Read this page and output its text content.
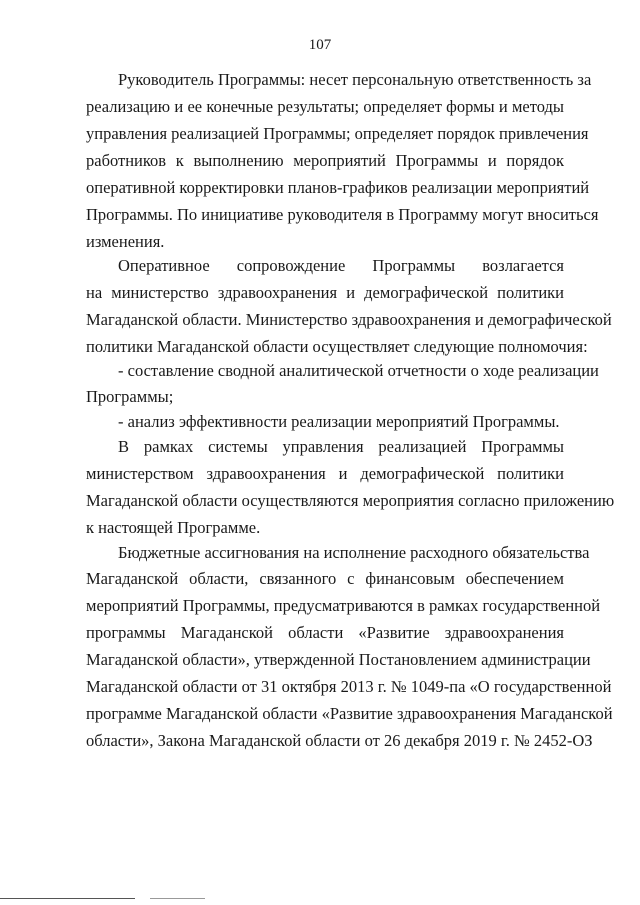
107
Руководитель Программы: несет персональную ответственность за
реализацию и ее конечные результаты; определяет формы и методы
управления реализацией Программы; определяет порядок привлечения
работников к выполнению мероприятий Программы и порядок
оперативной корректировки планов-графиков реализации мероприятий
Программы. По инициативе руководителя в Программу могут вноситься
изменения.
Оперативное сопровождение Программы возлагается
на министерство здравоохранения и демографической политики
Магаданской области. Министерство здравоохранения и демографической
политики Магаданской области осуществляет следующие полномочия:
- составление сводной аналитической отчетности о ходе реализации
Программы;
- анализ эффективности реализации мероприятий Программы.
В рамках системы управления реализацией Программы
министерством здравоохранения и демографической политики
Магаданской области осуществляются мероприятия согласно приложению
к настоящей Программе.
Бюджетные ассигнования на исполнение расходного обязательства
Магаданской области, связанного с финансовым обеспечением
мероприятий Программы, предусматриваются в рамках государственной
программы Магаданской области «Развитие здравоохранения
Магаданской области», утвержденной Постановлением администрации
Магаданской области от 31 октября 2013 г. № 1049-па «О государственной
программе Магаданской области «Развитие здравоохранения Магаданской
области», Закона Магаданской области от 26 декабря 2019 г. № 2452-ОЗ
